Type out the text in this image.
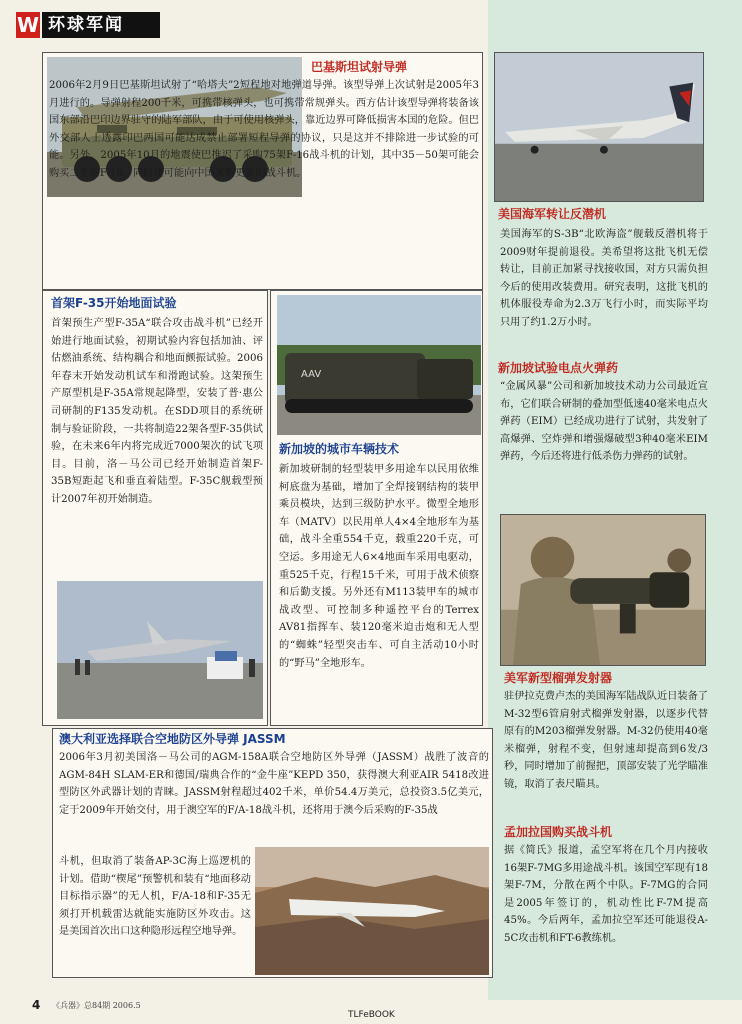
W 环球军闻
巴基斯坦试射导弹
2006年2月9日巴基斯坦试射了“哈塔夫”2短程地对地弹道导弹。该型导弹上次试射是2005年3月进行的。导弹射程200千米，可携带核弹头，也可携带常规弹头。西方估计该型导弹将装备该国东部沿巴印边界驻守的陆军部队，由于可使用核弹头，靠近边界可降低损害本国的危险。但巴外交部人士透露印巴两国可能达成禁止部署短程导弹的协议，只是这并不排除进一步试验的可能。另外，2005年10月的地震使巴推迟了采购75架F-16战斗机的计划，其中35－50架可能会购买二手的F-16，同时还可能向中国采购更多的战斗机。
首架F-35开始地面试验
首架预生产型F-35A“联合攻击战斗机”已经开始进行地面试验，初期试验内容包括加油、评估燃油系统、结构耦合和地面颤振试验。2006年春末开始发动机试车和滑跑试验。这架预生产原型机是F-35A常规起降型，安装了普·惠公司研制的F135发动机。在SDD项目的系统研制与验证阶段，一共将制造22架各型F-35供试验，在未来6年内将完成近7000架次的试飞项目。目前，洛－马公司已经开始制造首架F-35B短距起飞和垂直着陆型。F-35C舰载型预计2007年初开始制造。
AAV
新加坡的城市车辆技术
新加坡研制的轻型装甲多用途车以民用依维柯底盘为基础，增加了全焊接钢结构的装甲乘员模块，达到三级防护水平。微型全地形车（MATV）以民用单人4×4全地形车为基础，战斗全重554千克，载重220千克，可空运。多用途无人6×4地面车采用电驱动，重525千克，行程15千米，可用于战术侦察和后勤支援。另外还有M113装甲车的城市战改型、可控制多种遥控平台的Terrex AV81指挥车、装120毫米迫击炮和无人型的“蜘蛛”轻型突击车、可自主活动10小时的“野马”全地形车。
澳大利亚选择联合空地防区外导弹 JASSM
2006年3月初美国洛－马公司的AGM-158A联合空地防区外导弹（JASSM）战胜了波音的AGM-84H SLAM-ER和德国/瑞典合作的“金牛座”KEPD 350，获得澳大利亚AIR 5418改进型防区外武器计划的青睐。JASSM射程超过402千米，单价54.4万美元，总投资3.5亿美元，定于2009年开始交付，用于澳空军的F/A-18战斗机，还将用于澳今后采购的F-35战
斗机，但取消了装备AP-3C海上巡逻机的计划。借助“楔尾”预警机和装有“地面移动目标指示器”的无人机，F/A-18和F-35无须打开机载雷达就能实施防区外攻击。这是美国首次出口这种隐形远程空地导弹。
美国海军转让反潜机
美国海军的S-3B“北欧海盗”舰载反潜机将于2009财年提前退役。美希望将这批飞机无偿转让，目前正加紧寻找接收国，对方只需负担今后的使用改装费用。研究表明，这批飞机的机体服役寿命为2.3万飞行小时，而实际平均只用了约1.2万小时。
新加坡试验电点火弹药
“金属风暴”公司和新加坡技术动力公司最近宣布，它们联合研制的叠加型低速40毫米电点火弹药（EIM）已经成功进行了试射，共发射了高爆弹、空炸弹和增强爆破型3种40毫米EIM弹药，今后还将进行低杀伤力弹药的试射。
美军新型榴弹发射器
驻伊拉克费卢杰的美国海军陆战队近日装备了M-32型6管肩射式榴弹发射器，以逐步代替原有的M203榴弹发射器。M-32仍使用40毫米榴弹，射程不变，但射速却提高到6发/3秒，同时增加了前握把，顶部安装了光学瞄准镜，取消了表尺瞄具。
孟加拉国购买战斗机
据《简氏》报道，孟空军将在几个月内接收16架F-7MG多用途战斗机。该国空军现有18架F-7M，分散在两个中队。F-7MG的合同是2005年签订的，机动性比F-7M提高45%。今后两年，孟加拉空军还可能退役A-5C攻击机和FT-6教练机。
4 《兵器》总84期 2006.5
TLFeBOOK
